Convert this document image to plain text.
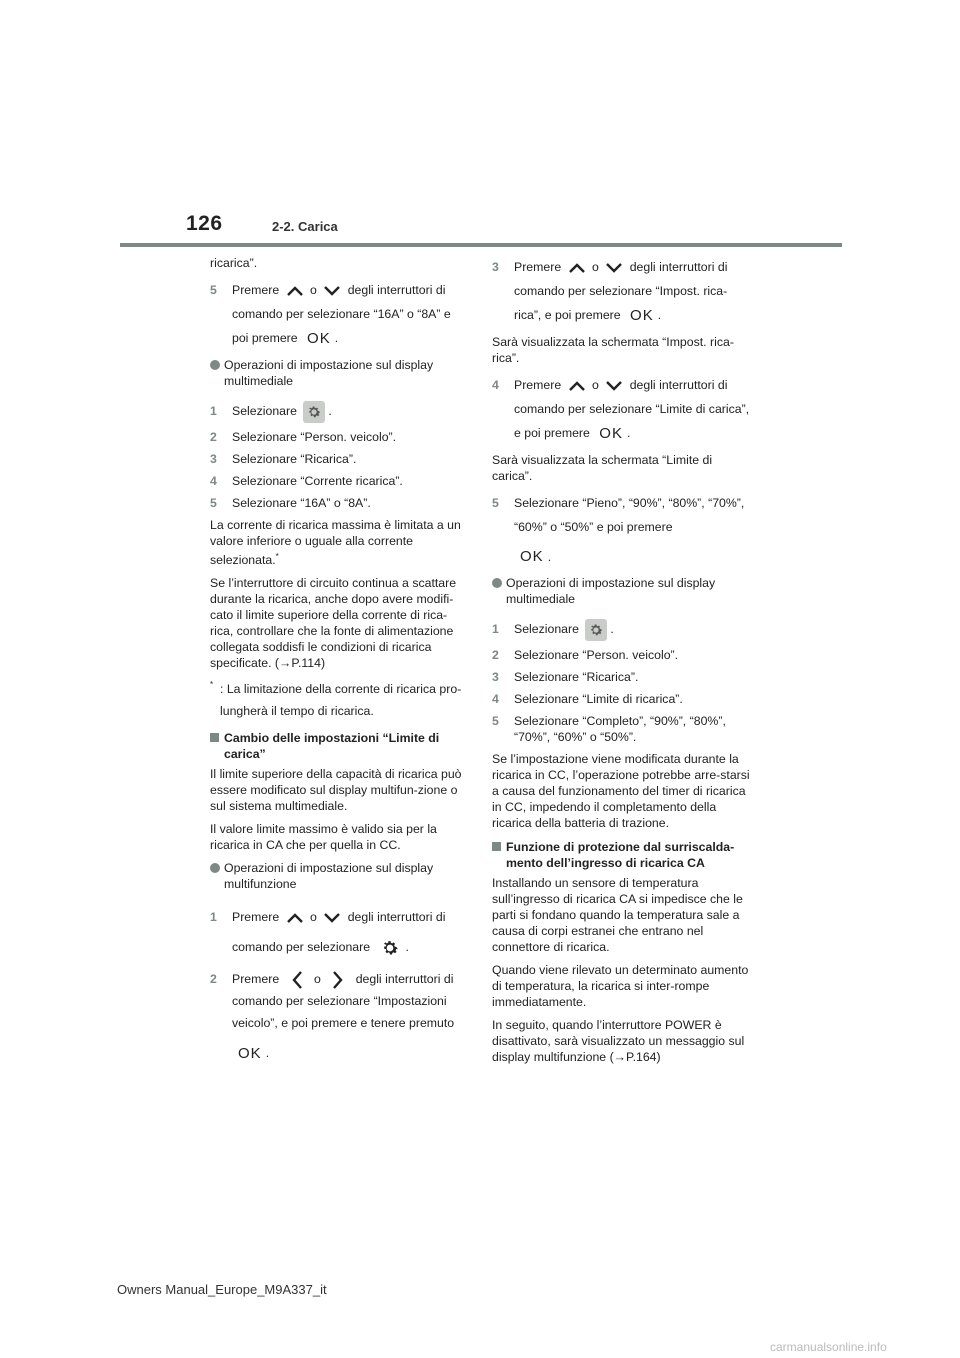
126	2-2. Carica

ricarica”.

5 Premere	o	degli interruttori di comando per selezionare “16A” o “8A” e poi premere OK .
Operazioni di impostazione sul display multimediale
1 Selezionare	.
2 Selezionare “Person. veicolo”.
3 Selezionare “Ricarica”.
4 Selezionare “Corrente ricarica”.
5 Selezionare “16A” o “8A”.

La corrente di ricarica massima è limitata a un valore inferiore o uguale alla corrente selezionata.*

Se l’interruttore di circuito continua a scattare durante la ricarica, anche dopo avere modifi-cato il limite superiore della corrente di rica-rica, controllare che la fonte di alimentazione collegata soddisfi le condizioni di ricarica specificate. (→P.114)

* : La limitazione della corrente di ricarica pro-lungherà il tempo di ricarica.
Cambio delle impostazioni “Limite di carica”

Il limite superiore della capacità di ricarica può essere modificato sul display multifun-zione o sul sistema multimediale.

Il valore limite massimo è valido sia per la ricarica in CA che per quella in CC.

Operazioni di impostazione sul display multifunzione
1 Premere	o	degli interruttori di comando per selezionare	.
2 Premere	o	degli interruttori di comando per selezionare “Impostazioni veicolo”, e poi premere e tenere premuto
OK .
3 Premere	o	degli interruttori di comando per selezionare “Impost. rica-rica”, e poi premere OK .

Sarà visualizzata la schermata “Impost. rica-rica”.

4 Premere	o	degli interruttori di comando per selezionare “Limite di carica”, e poi premere OK .

Sarà visualizzata la schermata “Limite di carica”.

5 Selezionare “Pieno”, “90%”, “80%”, “70%”, “60%” o “50%” e poi premere
OK .
Operazioni di impostazione sul display multimediale
1 Selezionare	.
2 Selezionare “Person. veicolo”.
3 Selezionare “Ricarica”.
4 Selezionare “Limite di ricarica”.
5 Selezionare “Completo”, “90%”, “80%”, “70%”, “60%” o “50%”.

Se l’impostazione viene modificata durante la ricarica in CC, l’operazione potrebbe arre-starsi a causa del funzionamento del timer di ricarica in CC, impedendo il completamento della ricarica della batteria di trazione.

Funzione di protezione dal surriscalda-mento dell’ingresso di ricarica CA

Installando un sensore di temperatura sull’ingresso di ricarica CA si impedisce che le parti si fondano quando la temperatura sale a causa di corpi estranei che entrano nel connettore di ricarica.

Quando viene rilevato un determinato aumento di temperatura, la ricarica si inter-rompe immediatamente.

In seguito, quando l’interruttore POWER è disattivato, sarà visualizzato un messaggio sul display multifunzione (→P.164)

Owners Manual_Europe_M9A337_it
carmanualsonline.info
